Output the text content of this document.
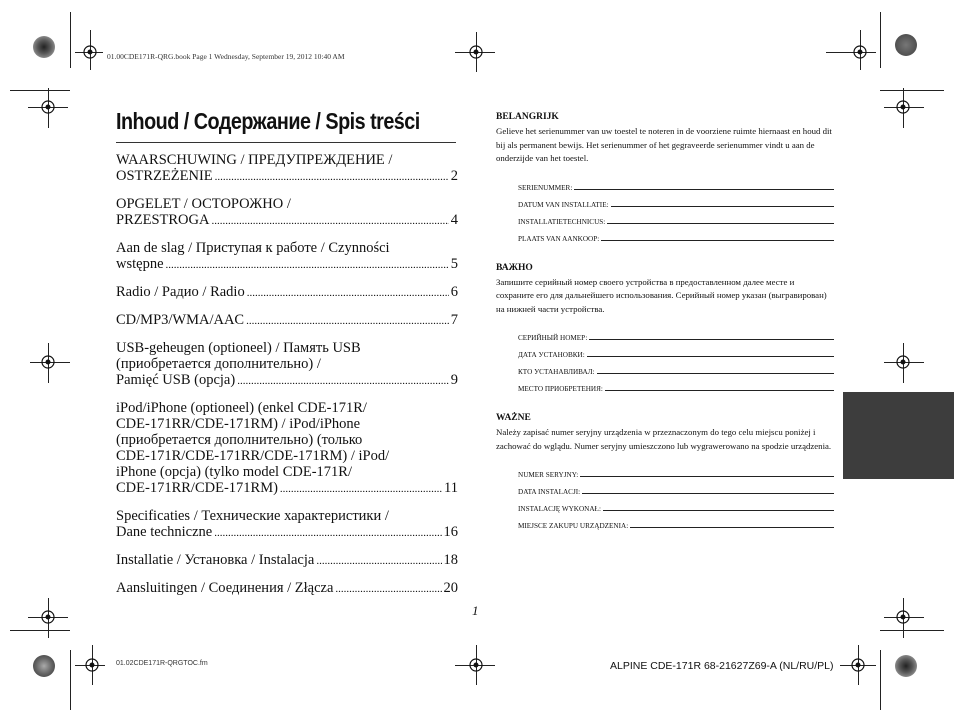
01.00CDE171R-QRG.book Page 1 Wednesday, September 19, 2012 10:40 AM
Inhoud / Содержание / Spis treści
WAARSCHUWING / ПРЕДУПРЕЖДЕНИЕ /
OSTRZEŻENIE .....	2
OPGELET / ОСТОРОЖНО /
PRZESTROGA .....	4
Aan de slag / Приступая к работе / Czynności
wstępne .....	5
Radio / Радио / Radio .....	6
CD/MP3/WMA/AAC .....	7
USB-geheugen (optioneel) / Память USB
(приобретается дополнительно) /
Pamięć USB (opcja) .....	9
iPod/iPhone (optioneel) (enkel CDE-171R/
CDE-171RR/CDE-171RM) / iPod/iPhone
(приобретается дополнительно) (только
CDE-171R/CDE-171RR/CDE-171RM) / iPod/
iPhone (opcja) (tylko model CDE-171R/
CDE-171RR/CDE-171RM) .....	11
Specificaties / Технические характеристики /
Dane techniczne .....	16
Installatie / Установка / Instalacja .....	18
Aansluitingen / Соединения / Złącza .....	20
BELANGRIJK

Gelieve het serienummer van uw toestel te noteren in de voorziene ruimte hiernaast en houd dit bij als permanent bewijs. Het serienummer of het gegraveerde serienummer vindt u aan de onderzijde van het toestel.

SERIENUMMER:
DATUM VAN INSTALLATIE:
INSTALLATIETECHNICUS:
PLAATS VAN AANKOOP:
ВАЖНО

Запишите серийный номер своего устройства в предоставленном далее месте и сохраните его для дальнейшего использования. Серийный номер указан (выгравирован) на нижней части устройства.

СЕРИЙНЫЙ НОМЕР:
ДАТА УСТАНОВКИ:
КТО УСТАНАВЛИВАЛ:
МЕСТО ПРИОБРЕТЕНИЯ:
WAŻNE

Należy zapisać numer seryjny urządzenia w przeznaczonym do tego celu miejscu poniżej i zachować do wglądu. Numer seryjny umieszczono lub wygrawerowano na spodzie urządzenia.

NUMER SERYJNY:
DATA INSTALACJI:
INSTALACJĘ WYKONAŁ:
MIEJSCE ZAKUPU URZĄDZENIA:
1
01.02CDE171R-QRGTOC.fm	ALPINE CDE-171R 68-21627Z69-A (NL/RU/PL)
